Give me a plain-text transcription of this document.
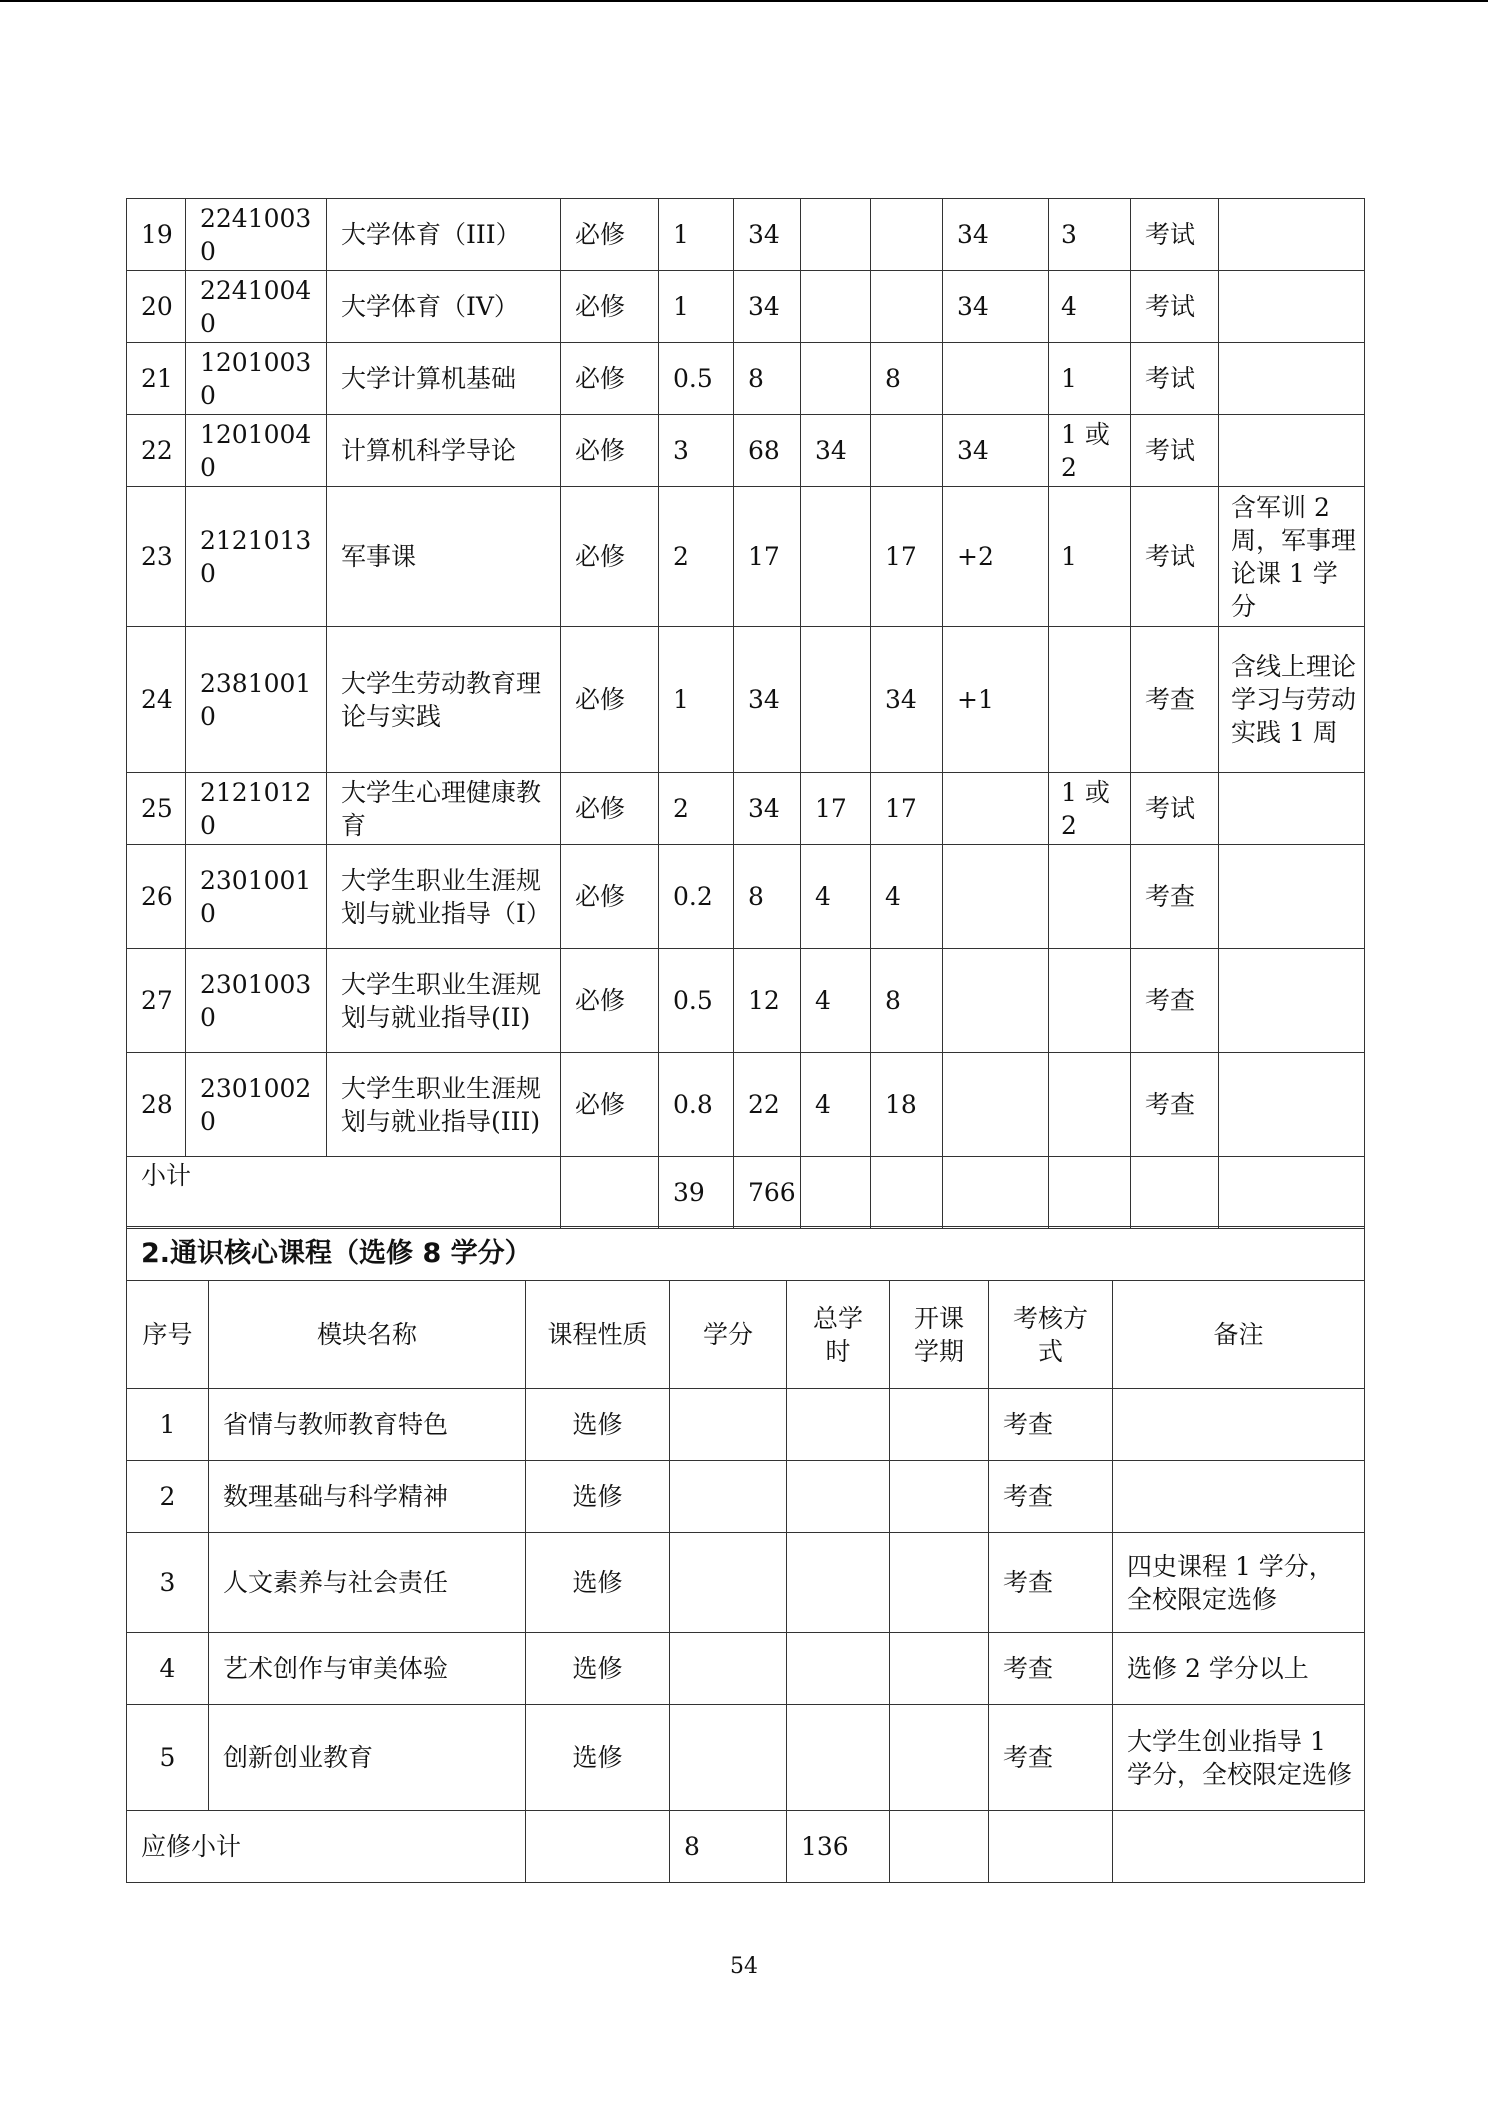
19	22410030	大学体育（III）	必修	1	34			34	3	考试	
20	22410040	大学体育（IV）	必修	1	34			34	4	考试	
21	12010030	大学计算机基础	必修	0.5	8		8		1	考试	
22	12010040	计算机科学导论	必修	3	68	34		34	1 或 2	考试	
23	21210130	军事课	必修	2	17		17	+2	1	考试	含军训 2 周，军事理论课 1 学分
24	23810010	大学生劳动教育理论与实践	必修	1	34		34	+1		考查	含线上理论学习与劳动实践 1 周
25	21210120	大学生心理健康教育	必修	2	34	17	17		1 或 2	考试	
26	23010010	大学生职业生涯规划与就业指导（I）	必修	0.2	8	4	4			考查	
27	23010030	大学生职业生涯规划与就业指导(II)	必修	0.5	12	4	8			考查	
28	23010020	大学生职业生涯规划与就业指导(III)	必修	0.8	22	4	18			考查	
小计				39	766						
2.通识核心课程（选修 8 学分）							
序号	模块名称	课程性质	学分	总学时	开课学期	考核方式	备注
1	省情与教师教育特色	选修				考查	
2	数理基础与科学精神	选修				考查	
3	人文素养与社会责任	选修				考查	四史课程 1 学分，全校限定选修
4	艺术创作与审美体验	选修				考查	选修 2 学分以上
5	创新创业教育	选修				考查	大学生创业指导 1 学分，全校限定选修
应修小计			8	136			
54
